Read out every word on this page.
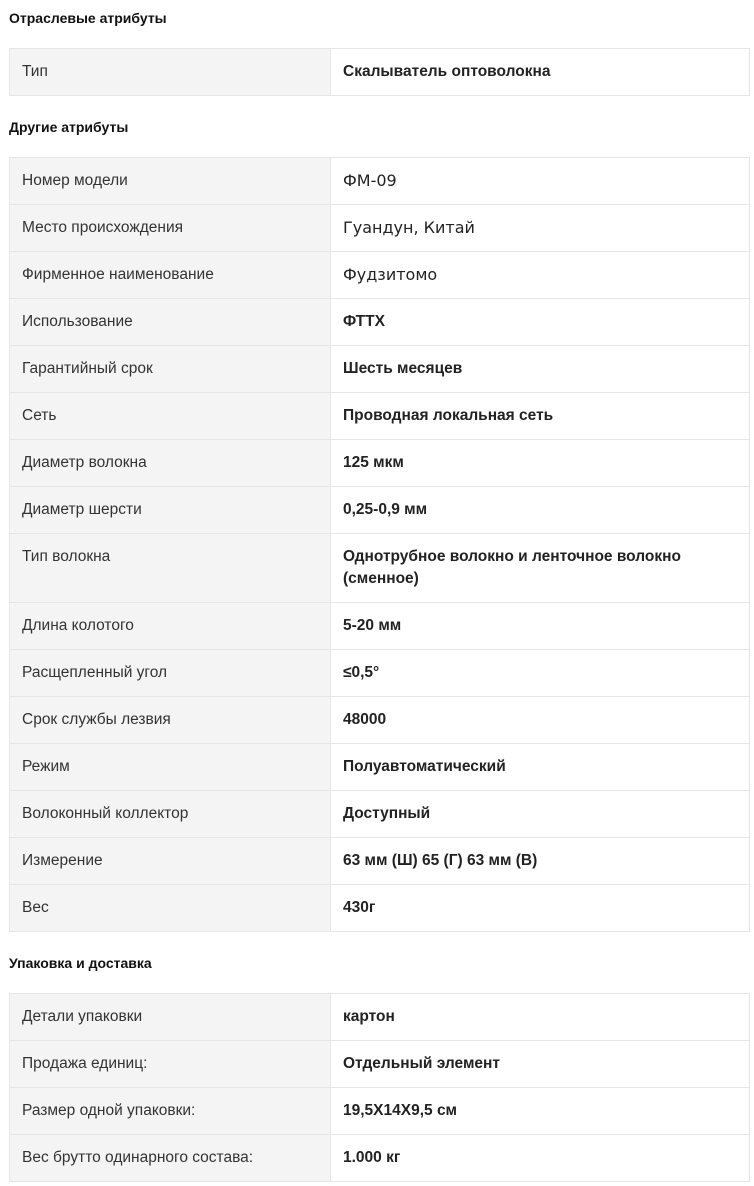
Отраслевые атрибуты
Тип	Скалыватель оптоволокна
Другие атрибуты
Номер модели	ФМ-09
Место происхождения	Гуандун, Китай
Фирменное наименование	Фудзитомо
Использование	ФТТХ
Гарантийный срок	Шесть месяцев
Сеть	Проводная локальная сеть
Диаметр волокна	125 мкм
Диаметр шерсти	0,25-0,9 мм
Тип волокна	Однотрубное волокно и ленточное волокно (сменное)
Длина колотого	5-20 мм
Расщепленный угол	≤0,5°
Срок службы лезвия	48000
Режим	Полуавтоматический
Волоконный коллектор	Доступный
Измерение	63 мм (Ш) 65 (Г) 63 мм (В)
Вес	430г
Упаковка и доставка
Детали упаковки	картон
Продажа единиц:	Отдельный элемент
Размер одной упаковки:	19,5X14X9,5 см
Вес брутто одинарного состава:	1.000 кг
